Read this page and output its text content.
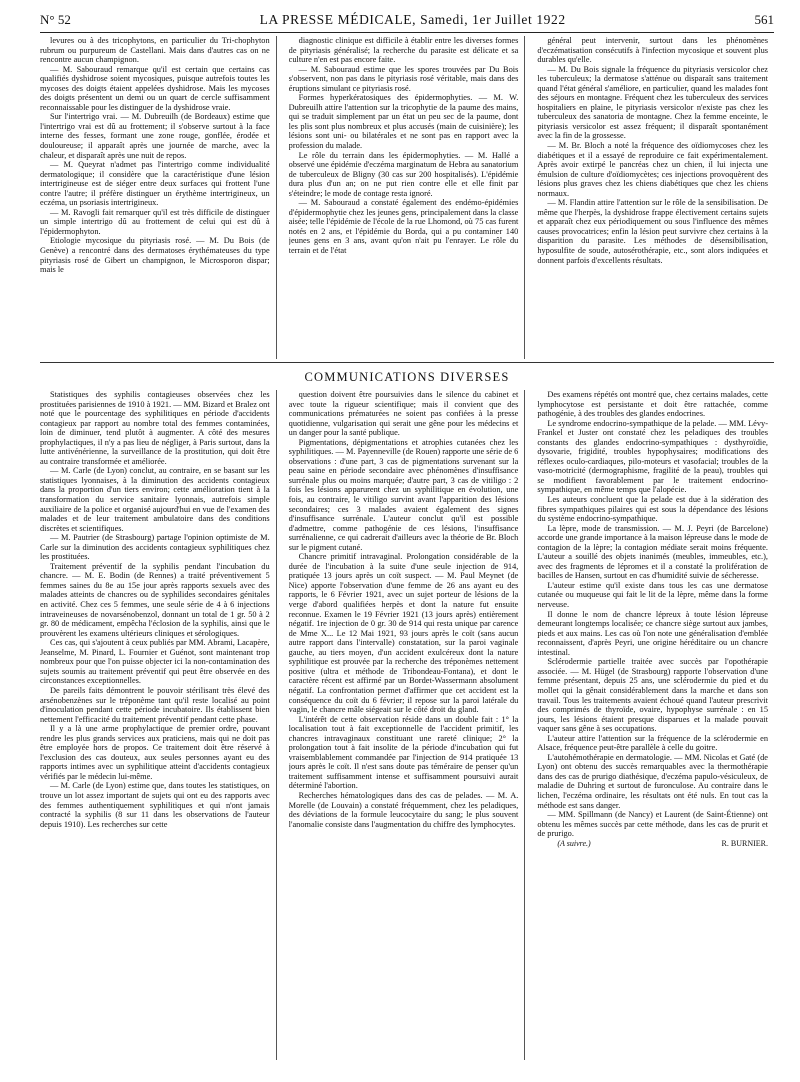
N° 52	LA PRESSE MÉDICALE, Samedi, 1er Juillet 1922	561

levures ou à des tricophytons, en particulier du Tri-chophyton rubrum ou purpureum de Castellani. Mais dans d'autres cas on ne rencontre aucun champignon.

— M. Sabouraud remarque qu'il est certain que certains cas qualifiés dyshidrose soient mycosiques, puisque autrefois toutes les mycoses des doigts étaient appelées dyshidrose. Mais les mycoses des doigts présentent un demi ou un quart de cercle suffisamment reconnaissable pour les distinguer de la dyshidrose vraie.

Sur l'intertrigo vrai. — M. Dubreuilh (de Bordeaux) estime que l'intertrigo vrai est dû au frottement; il s'observe surtout à la face interne des fesses, formant une zone rouge, gonflée, érodée et douloureuse; il apparaît après une journée de marche, avec la chaleur, et disparaît après une nuit de repos.

— M. Queyrat n'admet pas l'intertrigo comme individualité dermatologique; il considère que la caractéristique d'une lésion intertrigineuse est de siéger entre deux surfaces qui frottent l'une contre l'autre; il préfère distinguer un érythème intertrigineux, un eczéma, un psoriasis intertrigineux.

— M. Ravogli fait remarquer qu'il est très difficile de distinguer un simple intertrigo dû au frottement de celui qui est dû à l'épidermophyton.

Etiologie mycosique du pityriasis rosé. — M. Du Bois (de Genève) a rencontré dans des dermatoses érythémateuses du type pityriasis rosé de Gibert un champignon, le Microsporon dispar; mais le

diagnostic clinique est difficile à établir entre les diverses formes de pityriasis généralisé; la recherche du parasite est délicate et sa culture n'en est pas encore faite.

— M. Sabouraud estime que les spores trouvées par Du Bois s'observent, non pas dans le pityriasis rosé véritable, mais dans des éruptions simulant ce pityriasis rosé.

Formes hyperkératosiques des épidermophyties. — M. W. Dubreuilh attire l'attention sur la tricophytie de la paume des mains, qui se traduit simplement par un état un peu sec de la paume, dont les plis sont plus nombreux et plus accusés (main de cuisinière); les lésions sont uni- ou bilatérales et ne sont pas en rapport avec la profession du malade.

Le rôle du terrain dans les épidermophyties. — M. Hallé a observé une épidémie d'eczéma marginatum de Hebra au sanatorium de tuberculeux de Bligny (30 cas sur 200 hospitalisés). L'épidémie dura plus d'un an; on ne put rien contre elle et elle finit par s'éteindre; le mode de contage resta ignoré.

— M. Sabouraud a constaté également des endémo-épidémies d'épidermophytie chez les jeunes gens, principalement dans la classe aisée; telle l'épidémie de l'école de la rue Lhomond, où 75 cas furent notés en 2 ans, et l'épidémie du Borda, qui a pu contaminer 140 jeunes gens en 3 ans, avant qu'on n'ait pu l'enrayer. Le rôle du terrain et de l'état

général peut intervenir, surtout dans les phénomènes d'eczématisation consécutifs à l'infection mycosique et souvent plus durables qu'elle.

— M. Du Bois signale la fréquence du pityriasis versicolor chez les tuberculeux; la dermatose s'atténue ou disparaît sans traitement quand l'état général s'améliore, en particulier, quand les malades font des séjours en montagne. Fréquent chez les tuberculeux des services hospitaliers en plaine, le pityriasis versicolor n'existe pas chez les tuberculeux des sanatoria de montagne. Chez la femme enceinte, le pityriasis versicolor est assez fréquent; il disparaît spontanément avec la fin de la grossesse.

— M. Br. Bloch a noté la fréquence des oïdiomycoses chez les diabétiques et il a essayé de reproduire ce fait expérimentalement. Après avoir extirpé le pancréas chez un chien, il lui injecta une émulsion de culture d'oïdiomycètes; ces injections provoquèrent des lésions plus graves chez les chiens diabétiques que chez les chiens normaux.

— M. Flandin attire l'attention sur le rôle de la sensibilisation. De même que l'herpès, la dyshidrose frappe électivement certains sujets et apparaît chez eux périodiquement ou sous l'influence des mêmes causes provocatrices; enfin la lésion peut survivre chez certains à la disparition du parasite. Les méthodes de désensibilisation, hyposulfite de soude, autosérothérapie, etc., sont alors indiquées et donnent parfois d'excellents résultats.

COMMUNICATIONS DIVERSES

Statistiques des syphilis contagieuses observées chez les prostituées parisiennes de 1910 à 1921. — MM. Bizard et Bralez ont noté que le pourcentage des syphilitiques en période d'accidents contagieux par rapport au nombre total des femmes contaminées, loin de diminuer, tend plutôt à augmenter. A côté des mesures prophylactiques, il n'y a pas lieu de négliger, à Paris surtout, dans la lutte antivénérienne, la surveillance de la prostitution, qui doit être au contraire transformée et améliorée.

— M. Carle (de Lyon) conclut, au contraire, en se basant sur les statistiques lyonnaises, à la diminution des accidents contagieux dans la proportion d'un tiers environ; cette amélioration tient à la transformation du service sanitaire lyonnais, autrefois simple auxiliaire de la police et organisé aujourd'hui en vue de l'examen des malades et de leur traitement ambulatoire dans des conditions discrètes et scientifiques.

— M. Pautrier (de Strasbourg) partage l'opinion optimiste de M. Carle sur la diminution des accidents contagieux syphilitiques chez les prostituées.

Traitement préventif de la syphilis pendant l'incubation du chancre. — M. E. Bodin (de Rennes) a traité préventivement 5 femmes saines du 8e au 15e jour après rapports sexuels avec des malades atteints de chancres ou de syphilides secondaires génitales en activité. Chez ces 5 femmes, une seule série de 4 à 6 injections intraveineuses de novarsénobenzol, donnant un total de 1 gr. 50 à 2 gr. 80 de médicament, empêcha l'éclosion de la syphilis, ainsi que le prouvèrent les examens ultérieurs cliniques et sérologiques.

Ces cas, qui s'ajoutent à ceux publiés par MM. Abrami, Lacapère, Jeanselme, M. Pinard, L. Fournier et Guénot, sont maintenant trop nombreux pour que l'on puisse objecter ici la non-contamination des sujets soumis au traitement préventif qui peut être observée en des circonstances exceptionnelles.

De pareils faits démontrent le pouvoir stérilisant très élevé des arsénobenzènes sur le tréponème tant qu'il reste localisé au point d'inoculation pendant cette période incubatoire. Ils établissent bien nettement l'efficacité du traitement préventif pendant cette phase.

Il y a là une arme prophylactique de premier ordre, pouvant rendre les plus grands services aux praticiens, mais qui ne doit pas être employée hors de propos. Ce traitement doit être réservé à l'exclusion des cas douteux, aux seules personnes ayant eu des rapports intimes avec un syphilitique atteint d'accidents contagieux vérifiés par le médecin lui-même.

— M. Carle (de Lyon) estime que, dans toutes les statistiques, on trouve un lot assez important de sujets qui ont eu des rapports avec des femmes authentiquement syphilitiques et qui n'ont jamais contracté la syphilis (8 sur 11 dans les observations de l'auteur depuis 1910). Les recherches sur cette

question doivent être poursuivies dans le silence du cabinet et avec toute la rigueur scientifique; mais il convient que des communications prématurées ne soient pas confiées à la presse quotidienne, vulgarisation qui serait une gêne pour les médecins et un danger pour la santé publique.

Pigmentations, dépigmentations et atrophies cutanées chez les syphilitiques. — M. Payenneville (de Rouen) rapporte une série de 6 observations : d'une part, 3 cas de pigmentations survenant sur la peau saine en période secondaire avec phénomènes d'insuffisance surrénale plus ou moins marquée; d'autre part, 3 cas de vitiligo : 2 fois les lésions apparurent chez un syphilitique en évolution, une fois, au contraire, le vitiligo survint avant l'apparition des lésions secondaires; ces 3 malades avaient également des signes d'insuffisance surrénale. L'auteur conclut qu'il est possible d'admettre, comme pathogénie de ces lésions, l'insuffisance surrénalienne, ce qui cadrerait d'ailleurs avec la théorie de Br. Bloch sur le pigment cutané.

Chancre primitif intravaginal. Prolongation considérable de la durée de l'incubation à la suite d'une seule injection de 914, pratiquée 13 jours après un coït suspect. — M. Paul Meynet (de Nice) apporte l'observation d'une femme de 26 ans ayant eu des rapports, le 6 Février 1921, avec un sujet porteur de lésions de la verge d'abord qualifiées herpès et dont la nature fut ensuite reconnue. Examen le 19 Février 1921 (13 jours après) entièrement négatif. 1re injection de 0 gr. 30 de 914 qui resta unique par carence de Mme X... Le 12 Mai 1921, 93 jours après le coït (sans aucun autre rapport dans l'intervalle) constatation, sur la paroi vaginale gauche, au tiers moyen, d'un accident exulcéreux dont la nature syphilitique est prouvée par la recherche des tréponèmes nettement positive (ultra et méthode de Tribondeau-Fontana), et dont le caractère récent est affirmé par un Bordet-Wassermann absolument négatif. La confrontation permet d'affirmer que cet accident est la conséquence du coït du 6 février; il repose sur la paroi latérale du vagin, le chancre mâle siégeait sur le côté droit du gland.

L'intérêt de cette observation réside dans un double fait : 1° la localisation tout à fait exceptionnelle de l'accident primitif, les chancres intravaginaux constituant une rareté clinique; 2° la prolongation tout à fait insolite de la période d'incubation qui fut vraisemblablement commandée par l'injection de 914 pratiquée 13 jours après le coït. Il n'est sans doute pas téméraire de penser qu'un traitement suffisamment intense et suffisamment poursuivi aurait déterminé l'abortion.

Recherches hématologiques dans des cas de pelades. — M. A. Morelle (de Louvain) a constaté fréquemment, chez les peladiques, des déviations de la formule leucocytaire du sang; le plus souvent l'anomalie consiste dans l'augmentation du chiffre des lymphocytes.

Des examens répétés ont montré que, chez certains malades, cette lymphocytose est persistante et doit être rattachée, comme pathogénie, à des troubles des glandes endocrines.

Le syndrome endocrino-sympathique de la pelade. — MM. Lévy-Frankel et Juster ont constaté chez les peladiques des troubles constants des glandes endocrino-sympathiques : dysthyroïdie, dysovarie, frigidité, troubles hypophysaires; modifications des réflexes oculo-cardiaques, pilo-moteurs et vasofacial; troubles de la vaso-motricité (dermographisme, fragilité de la peau), troubles qui se modifient favorablement par le traitement endocrino-sympathique, en même temps que l'alopécie.

Les auteurs concluent que la pelade est due à la sidération des fibres sympathiques pilaires qui est sous la dépendance des lésions du système endocrino-sympathique.

La lèpre, mode de transmission. — M. J. Peyri (de Barcelone) accorde une grande importance à la maison lépreuse dans le mode de contagion de la lèpre; la contagion médiate serait moins fréquente. L'auteur a souillé des objets inanimés (meubles, immeubles, etc.), avec des fragments de lépromes et il a constaté la prolifération de bacilles de Hansen, surtout en cas d'humidité suivie de sécheresse.

L'auteur estime qu'il existe dans tous les cas une dermatose cutanée ou muqueuse qui fait le lit de la lèpre, même dans la forme nerveuse.

Il donne le nom de chancre lépreux à toute lésion lépreuse demeurant longtemps localisée; ce chancre siège surtout aux jambes, pieds et aux mains. Les cas où l'on note une généralisation d'emblée reconnaissent, d'après Peyri, une origine héréditaire ou un chancre intestinal.

Sclérodermie partielle traitée avec succès par l'opothérapie associée. — M. Hügel (de Strasbourg) rapporte l'observation d'une femme présentant, depuis 25 ans, une sclérodermie du pied et du mollet qui la gênait considérablement dans la marche et dans son travail. Tous les traitements avaient échoué quand l'auteur prescrivit des comprimés de thyroïde, ovaire, hypophyse surrénale : en 15 jours, les lésions étaient presque disparues et la malade pouvait vaquer sans gêne à ses occupations.

L'auteur attire l'attention sur la fréquence de la sclérodermie en Alsace, fréquence peut-être parallèle à celle du goitre.

L'autohémothérapie en dermatologie. — MM. Nicolas et Gaté (de Lyon) ont obtenu des succès remarquables avec la thermothérapie dans des cas de prurigo diathésique, d'eczéma papulo-vésiculeux, de maladie de Duhring et surtout de furonculose. Au contraire dans le lichen, l'eczéma ordinaire, les résultats ont été nuls. En tout cas la méthode est sans danger.

— MM. Spillmann (de Nancy) et Laurent (de Saint-Étienne) ont obtenu les mêmes succès par cette méthode, dans les cas de prurit et de prurigo.

(A suivre.)	R. BURNIER.
